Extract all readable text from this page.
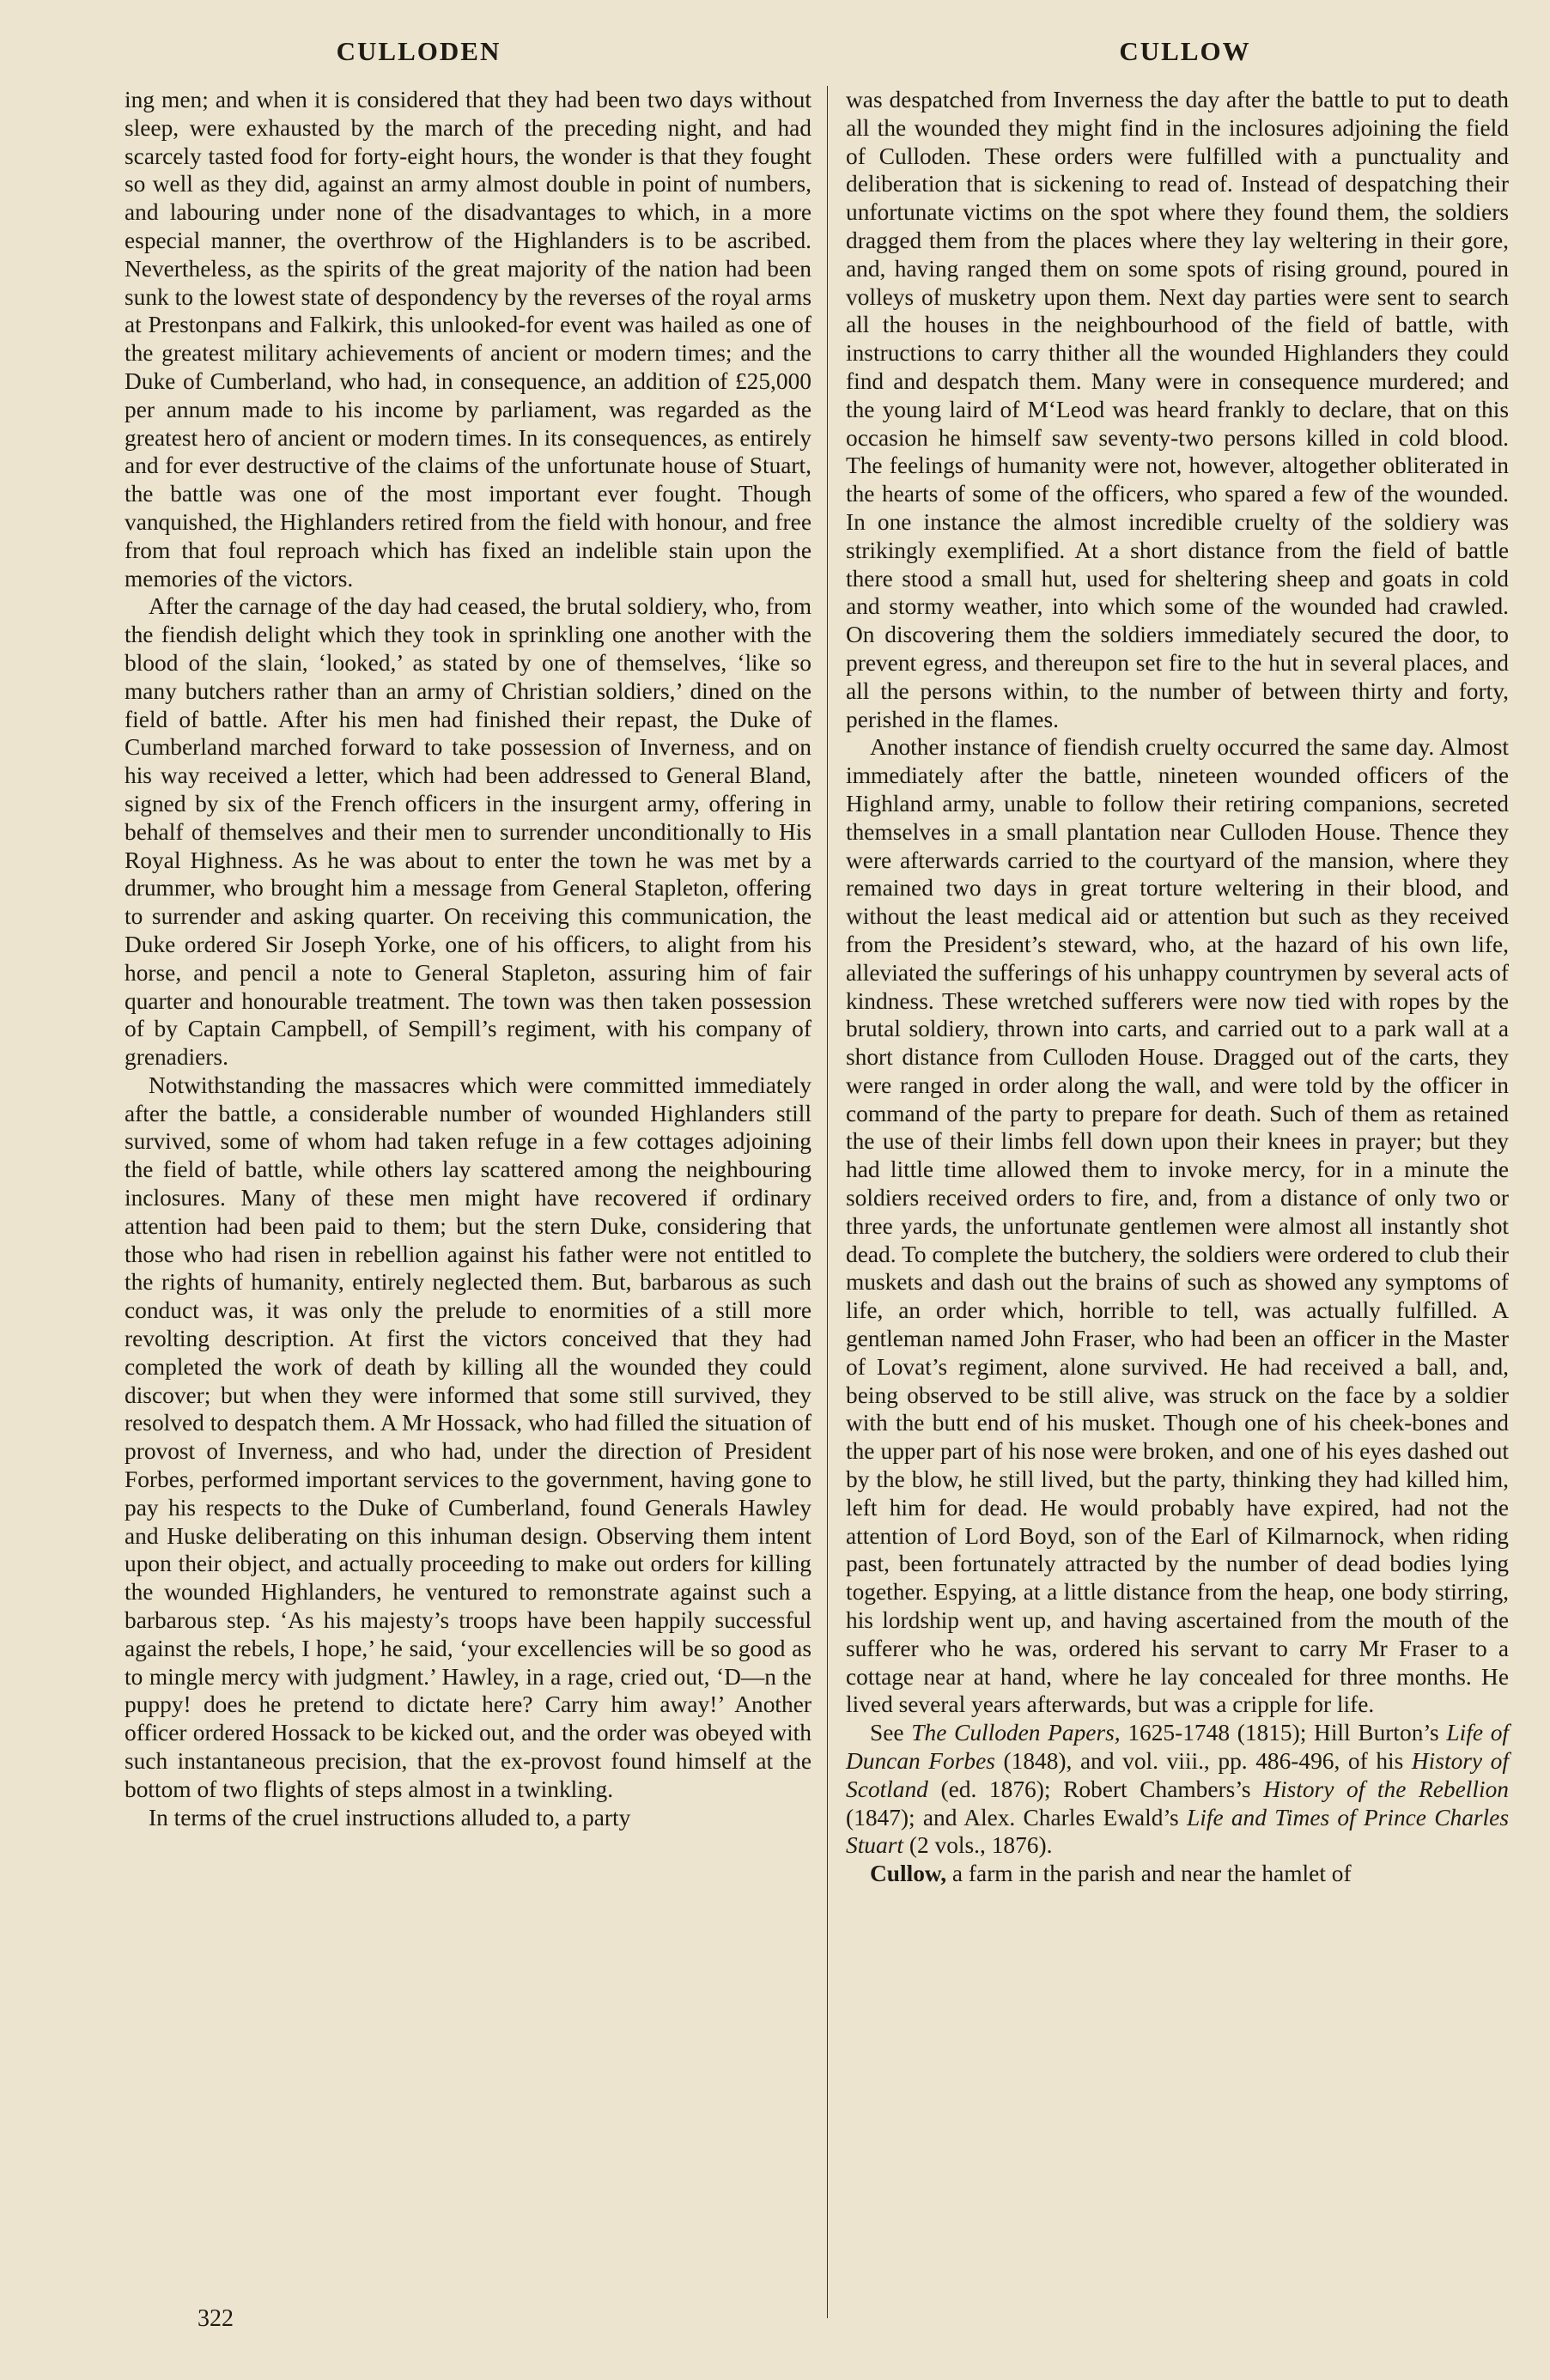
CULLODEN	CULLOW

ing men; and when it is considered that they had been two days without sleep, were exhausted by the march of the preceding night, and had scarcely tasted food for forty-eight hours, the wonder is that they fought so well as they did, against an army almost double in point of numbers, and labouring under none of the disadvantages to which, in a more especial manner, the overthrow of the Highlanders is to be ascribed. Nevertheless, as the spirits of the great majority of the nation had been sunk to the lowest state of despondency by the reverses of the royal arms at Prestonpans and Falkirk, this unlooked-for event was hailed as one of the greatest military achievements of ancient or modern times; and the Duke of Cumberland, who had, in consequence, an addition of £25,000 per annum made to his income by parliament, was regarded as the greatest hero of ancient or modern times. In its consequences, as entirely and for ever destructive of the claims of the unfortunate house of Stuart, the battle was one of the most important ever fought. Though vanquished, the Highlanders retired from the field with honour, and free from that foul reproach which has fixed an indelible stain upon the memories of the victors.

After the carnage of the day had ceased, the brutal soldiery, who, from the fiendish delight which they took in sprinkling one another with the blood of the slain, ‘looked,’ as stated by one of themselves, ‘like so many butchers rather than an army of Christian soldiers,’ dined on the field of battle. After his men had finished their repast, the Duke of Cumberland marched forward to take possession of Inverness, and on his way received a letter, which had been addressed to General Bland, signed by six of the French officers in the insurgent army, offering in behalf of themselves and their men to surrender unconditionally to His Royal Highness. As he was about to enter the town he was met by a drummer, who brought him a message from General Stapleton, offering to surrender and asking quarter. On receiving this communication, the Duke ordered Sir Joseph Yorke, one of his officers, to alight from his horse, and pencil a note to General Stapleton, assuring him of fair quarter and honourable treatment. The town was then taken possession of by Captain Campbell, of Sempill’s regiment, with his company of grenadiers.

Notwithstanding the massacres which were committed immediately after the battle, a considerable number of wounded Highlanders still survived, some of whom had taken refuge in a few cottages adjoining the field of battle, while others lay scattered among the neighbouring inclosures. Many of these men might have recovered if ordinary attention had been paid to them; but the stern Duke, considering that those who had risen in rebellion against his father were not entitled to the rights of humanity, entirely neglected them. But, barbarous as such conduct was, it was only the prelude to enormities of a still more revolting description. At first the victors conceived that they had completed the work of death by killing all the wounded they could discover; but when they were informed that some still survived, they resolved to despatch them. A Mr Hossack, who had filled the situation of provost of Inverness, and who had, under the direction of President Forbes, performed important services to the government, having gone to pay his respects to the Duke of Cumberland, found Generals Hawley and Huske deliberating on this inhuman design. Observing them intent upon their object, and actually proceeding to make out orders for killing the wounded Highlanders, he ventured to remonstrate against such a barbarous step. ‘As his majesty’s troops have been happily successful against the rebels, I hope,’ he said, ‘your excellencies will be so good as to mingle mercy with judgment.’ Hawley, in a rage, cried out, ‘D—n the puppy! does he pretend to dictate here? Carry him away!’ Another officer ordered Hossack to be kicked out, and the order was obeyed with such instantaneous precision, that the ex-provost found himself at the bottom of two flights of steps almost in a twinkling.

In terms of the cruel instructions alluded to, a party

was despatched from Inverness the day after the battle to put to death all the wounded they might find in the inclosures adjoining the field of Culloden. These orders were fulfilled with a punctuality and deliberation that is sickening to read of. Instead of despatching their unfortunate victims on the spot where they found them, the soldiers dragged them from the places where they lay weltering in their gore, and, having ranged them on some spots of rising ground, poured in volleys of musketry upon them. Next day parties were sent to search all the houses in the neighbourhood of the field of battle, with instructions to carry thither all the wounded Highlanders they could find and despatch them. Many were in consequence murdered; and the young laird of M‘Leod was heard frankly to declare, that on this occasion he himself saw seventy-two persons killed in cold blood. The feelings of humanity were not, however, altogether obliterated in the hearts of some of the officers, who spared a few of the wounded. In one instance the almost incredible cruelty of the soldiery was strikingly exemplified. At a short distance from the field of battle there stood a small hut, used for sheltering sheep and goats in cold and stormy weather, into which some of the wounded had crawled. On discovering them the soldiers immediately secured the door, to prevent egress, and thereupon set fire to the hut in several places, and all the persons within, to the number of between thirty and forty, perished in the flames.

Another instance of fiendish cruelty occurred the same day. Almost immediately after the battle, nineteen wounded officers of the Highland army, unable to follow their retiring companions, secreted themselves in a small plantation near Culloden House. Thence they were afterwards carried to the courtyard of the mansion, where they remained two days in great torture weltering in their blood, and without the least medical aid or attention but such as they received from the President’s steward, who, at the hazard of his own life, alleviated the sufferings of his unhappy countrymen by several acts of kindness. These wretched sufferers were now tied with ropes by the brutal soldiery, thrown into carts, and carried out to a park wall at a short distance from Culloden House. Dragged out of the carts, they were ranged in order along the wall, and were told by the officer in command of the party to prepare for death. Such of them as retained the use of their limbs fell down upon their knees in prayer; but they had little time allowed them to invoke mercy, for in a minute the soldiers received orders to fire, and, from a distance of only two or three yards, the unfortunate gentlemen were almost all instantly shot dead. To complete the butchery, the soldiers were ordered to club their muskets and dash out the brains of such as showed any symptoms of life, an order which, horrible to tell, was actually fulfilled. A gentleman named John Fraser, who had been an officer in the Master of Lovat’s regiment, alone survived. He had received a ball, and, being observed to be still alive, was struck on the face by a soldier with the butt end of his musket. Though one of his cheek-bones and the upper part of his nose were broken, and one of his eyes dashed out by the blow, he still lived, but the party, thinking they had killed him, left him for dead. He would probably have expired, had not the attention of Lord Boyd, son of the Earl of Kilmarnock, when riding past, been fortunately attracted by the number of dead bodies lying together. Espying, at a little distance from the heap, one body stirring, his lordship went up, and having ascertained from the mouth of the sufferer who he was, ordered his servant to carry Mr Fraser to a cottage near at hand, where he lay concealed for three months. He lived several years afterwards, but was a cripple for life.

See The Culloden Papers, 1625-1748 (1815); Hill Burton’s Life of Duncan Forbes (1848), and vol. viii., pp. 486-496, of his History of Scotland (ed. 1876); Robert Chambers’s History of the Rebellion (1847); and Alex. Charles Ewald’s Life and Times of Prince Charles Stuart (2 vols., 1876).

Cullow, a farm in the parish and near the hamlet of

322
